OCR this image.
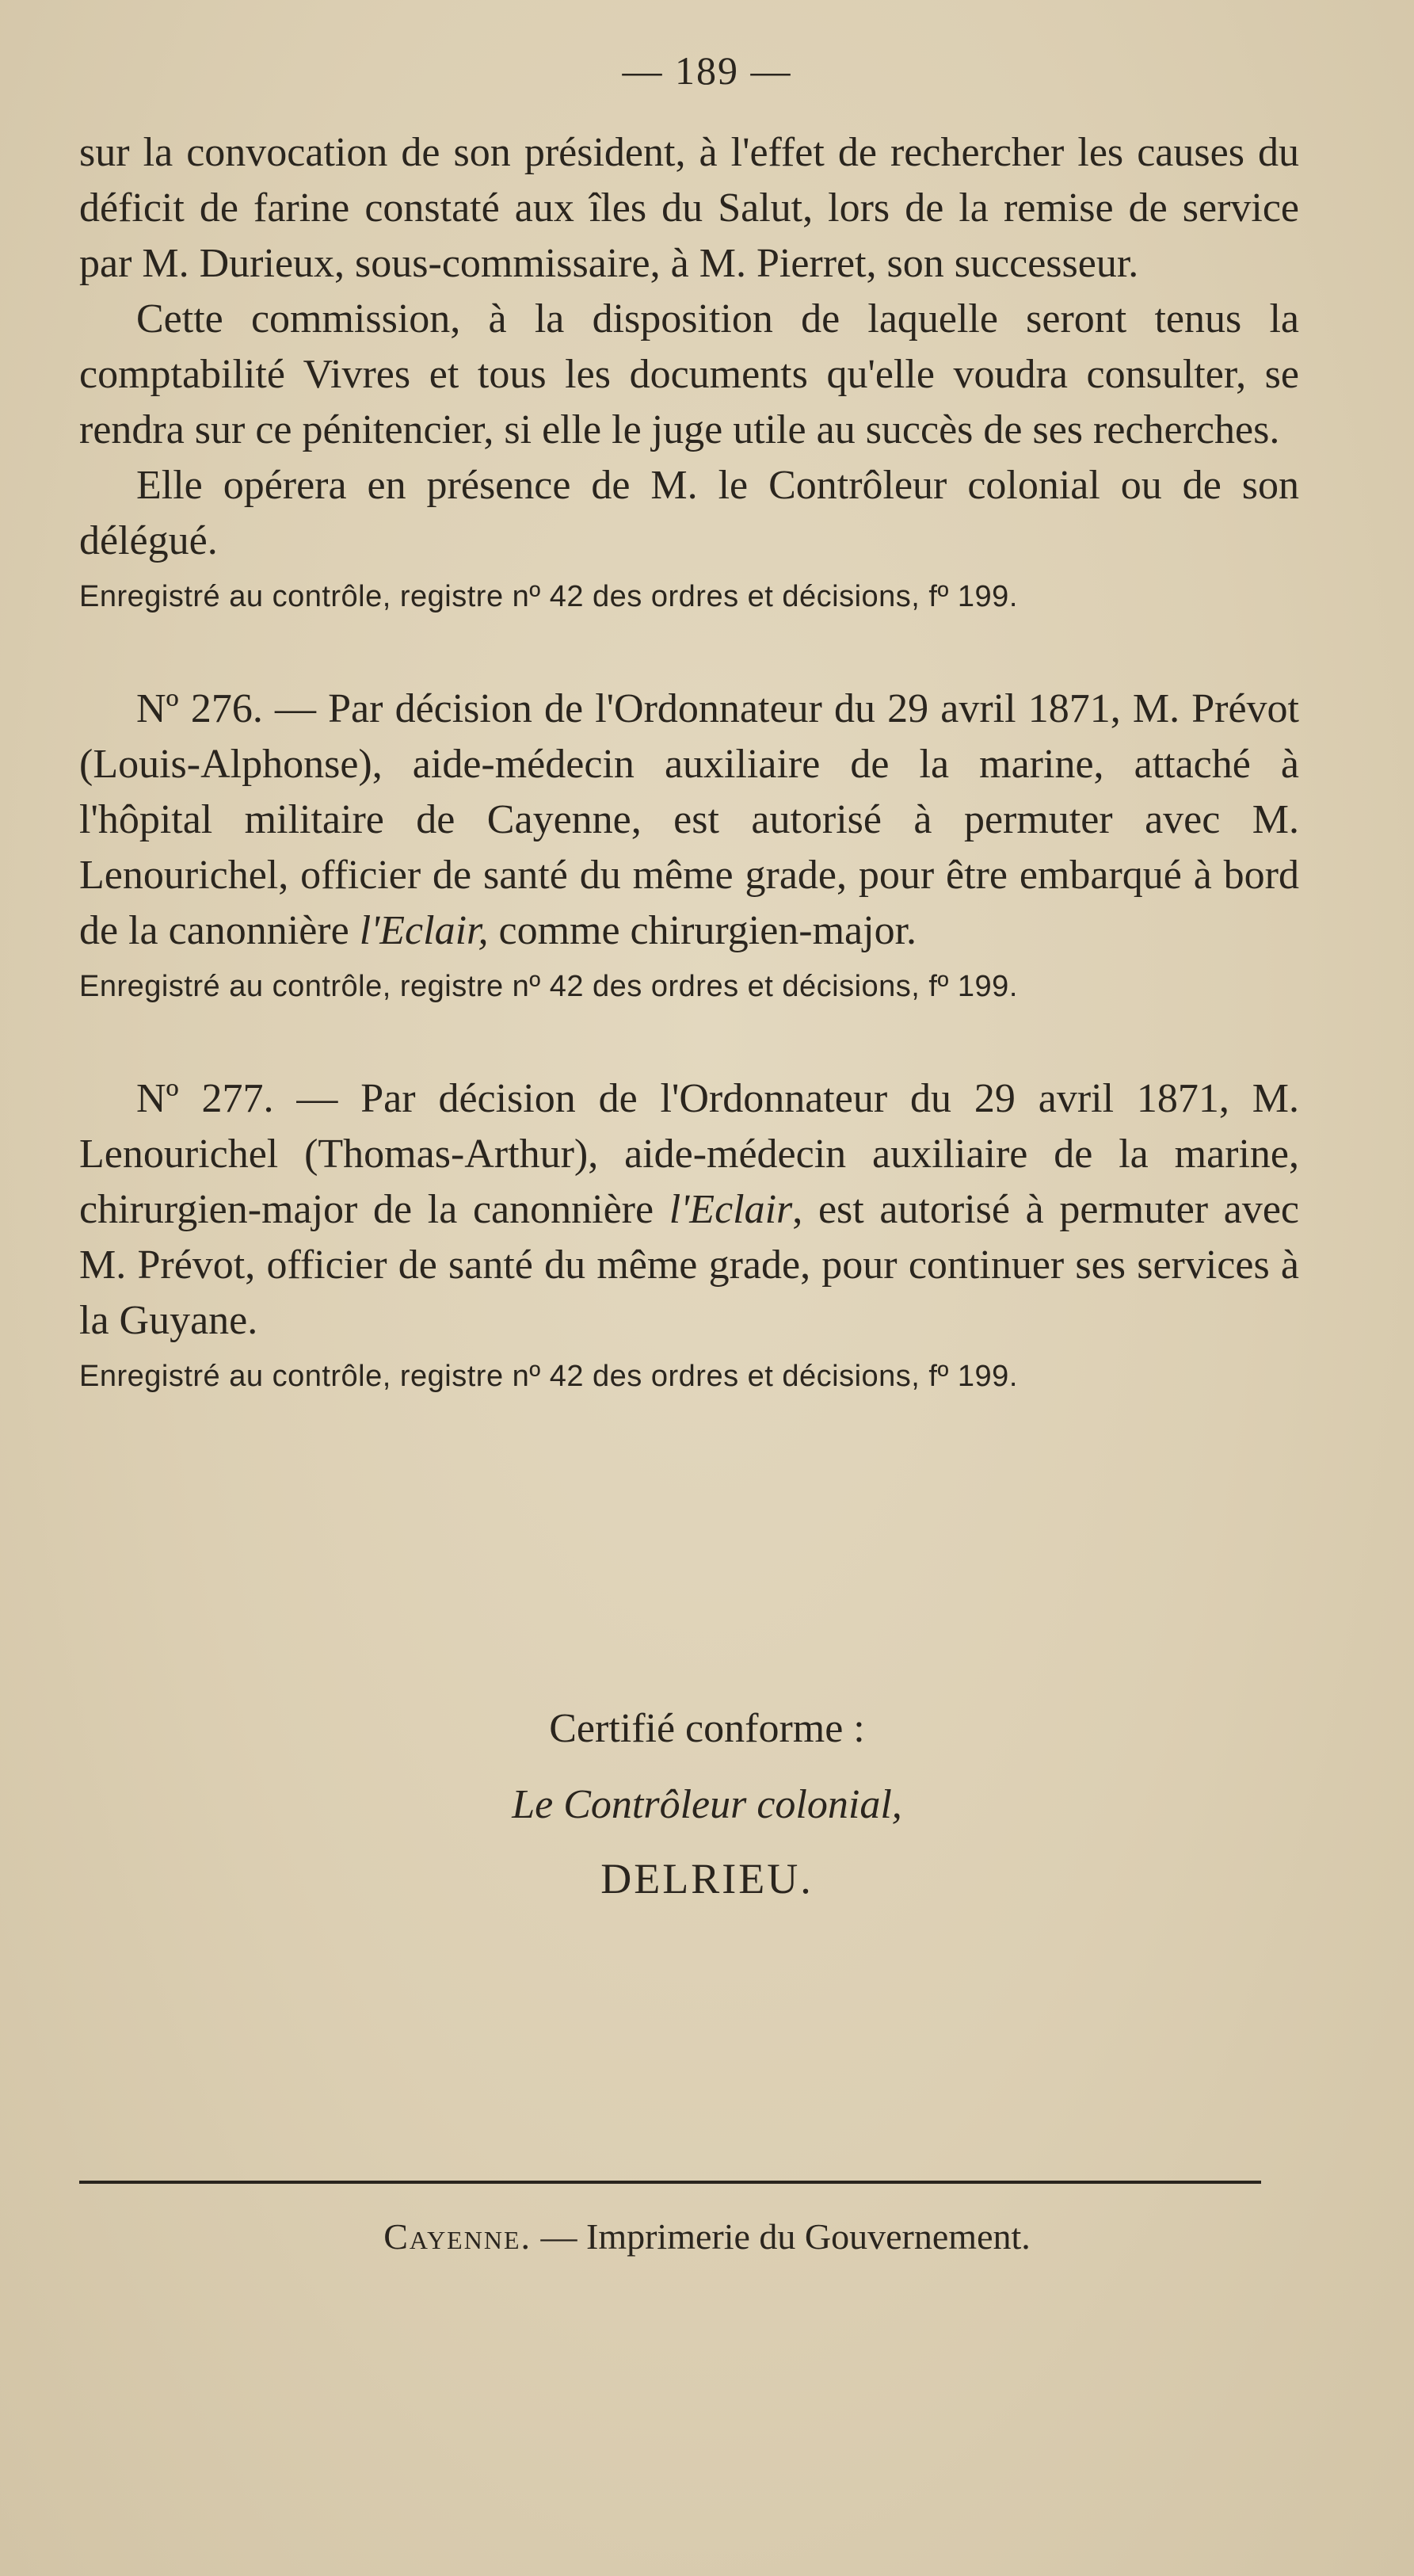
— 189 —

sur la convocation de son président, à l'effet de rechercher les causes du déficit de farine constaté aux îles du Salut, lors de la remise de service par M. Durieux, sous-commissaire, à M. Pierret, son successeur.

Cette commission, à la disposition de laquelle seront tenus la comptabilité Vivres et tous les documents qu'elle voudra consulter, se rendra sur ce pénitencier, si elle le juge utile au succès de ses recherches.

Elle opérera en présence de M. le Contrôleur colonial ou de son délégué.

Enregistré au contrôle, registre nº 42 des ordres et décisions, fº 199.

Nº 276. — Par décision de l'Ordonnateur du 29 avril 1871, M. Prévot (Louis-Alphonse), aide-médecin auxiliaire de la marine, attaché à l'hôpital militaire de Cayenne, est autorisé à permuter avec M. Lenourichel, officier de santé du même grade, pour être embarqué à bord de la canonnière l'Eclair, comme chirurgien-major.

Enregistré au contrôle, registre nº 42 des ordres et décisions, fº 199.

Nº 277. — Par décision de l'Ordonnateur du 29 avril 1871, M. Lenourichel (Thomas-Arthur), aide-médecin auxiliaire de la marine, chirurgien-major de la canonnière l'Eclair, est autorisé à permuter avec M. Prévot, officier de santé du même grade, pour continuer ses services à la Guyane.

Enregistré au contrôle, registre nº 42 des ordres et décisions, fº 199.

Certifié conforme :
Le Contrôleur colonial,
DELRIEU.
Cayenne. — Imprimerie du Gouvernement.
